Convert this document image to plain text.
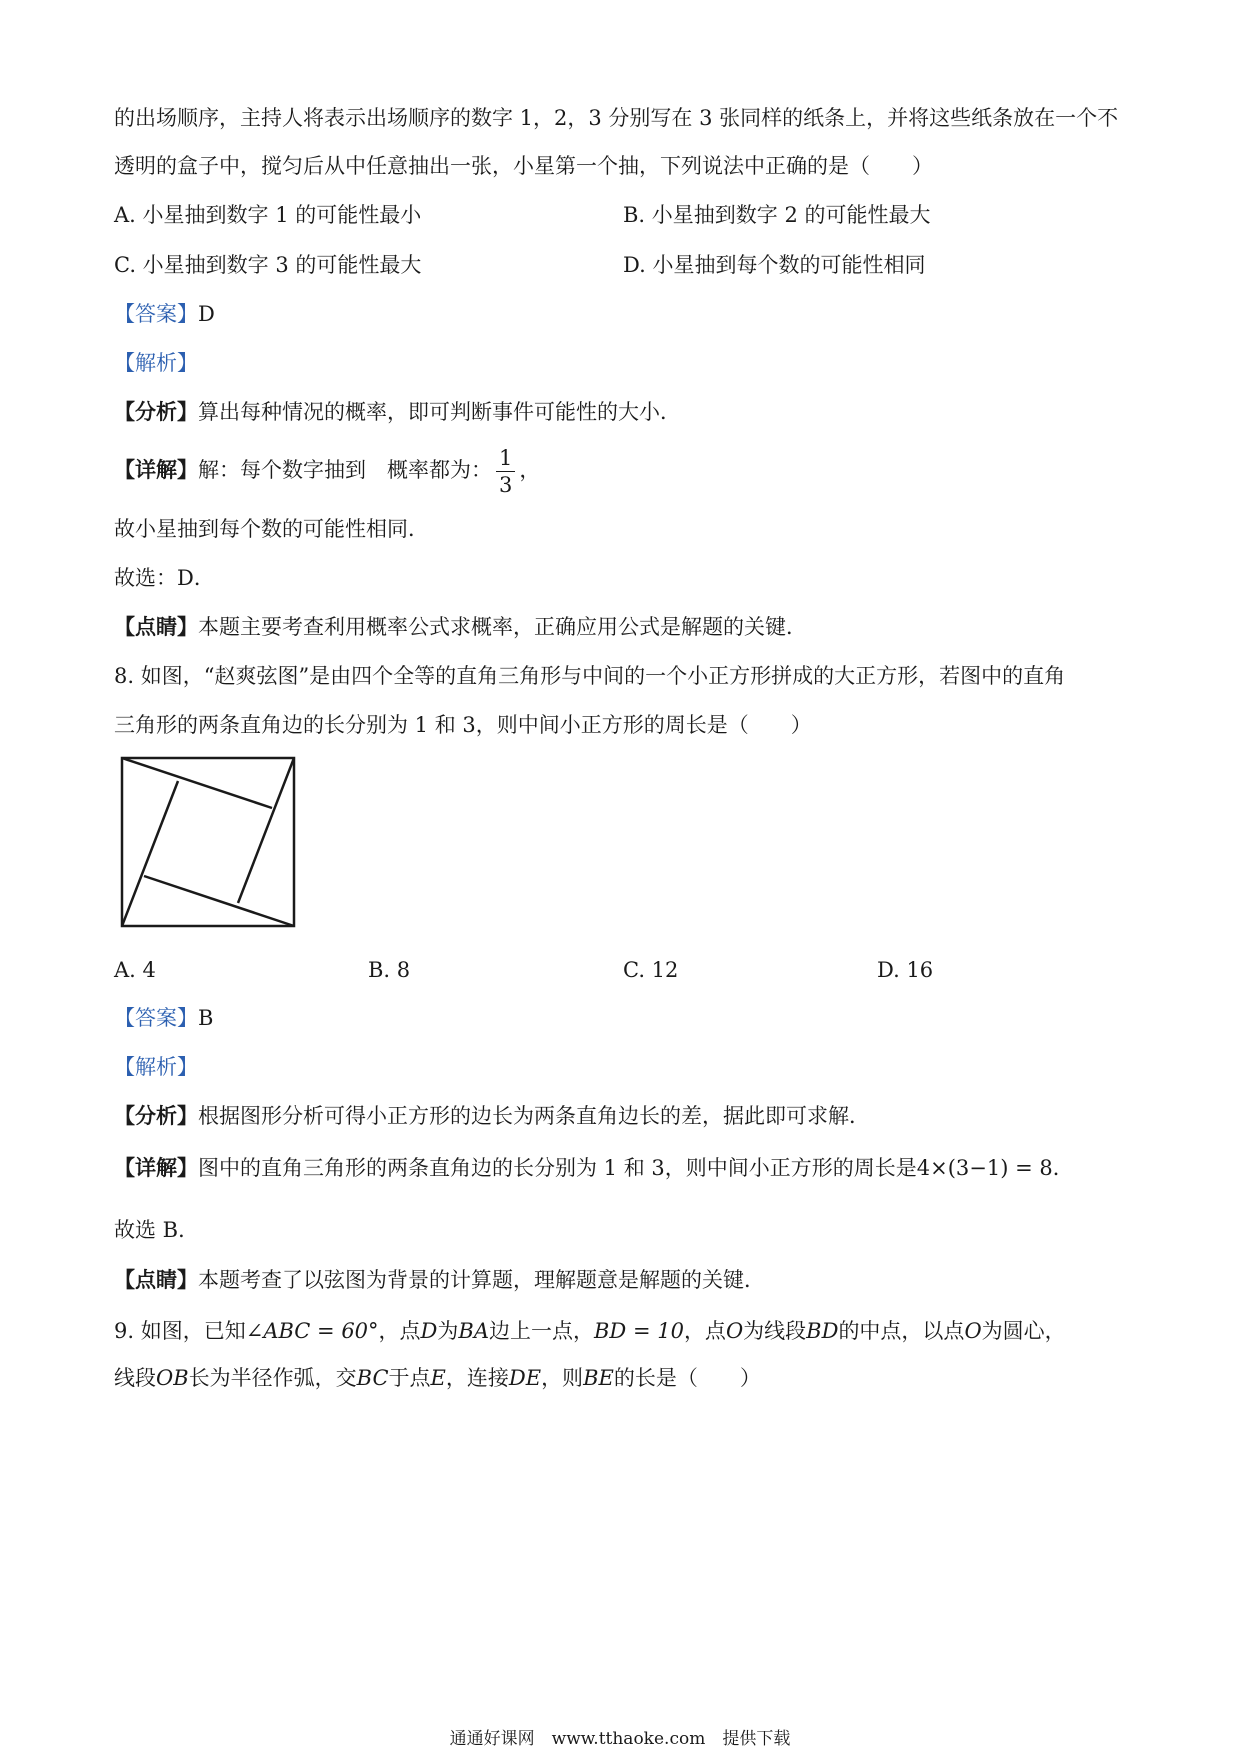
的出场顺序，主持人将表示出场顺序的数字 1，2，3 分别写在 3 张同样的纸条上，并将这些纸条放在一个不
透明的盒子中，搅匀后从中任意抽出一张，小星第一个抽，下列说法中正确的是（　　）
A. 小星抽到数字 1 的可能性最小	B. 小星抽到数字 2 的可能性最大
C. 小星抽到数字 3 的可能性最大	D. 小星抽到每个数的可能性相同
【答案】D
【解析】
【分析】算出每种情况的概率，即可判断事件可能性的大小．
【详解】解：每个数字抽到　概率都为： $\frac{1}{3}$ ，
故小星抽到每个数的可能性相同．
故选：D．
【点睛】本题主要考查利用概率公式求概率，正确应用公式是解题的关键．
8. 如图，“赵爽弦图”是由四个全等的直角三角形与中间的一个小正方形拼成的大正方形，若图中的直角
三角形的两条直角边的长分别为 1 和 3，则中间小正方形的周长是（　　）
A. 4	B. 8	C. 12	D. 16
【答案】B
【解析】
【分析】根据图形分析可得小正方形的边长为两条直角边长的差，据此即可求解．
【详解】图中的直角三角形的两条直角边的长分别为 1 和 3，则中间小正方形的周长是4×(3−1) = 8．
故选 B．
【点睛】本题考查了以弦图为背景的计算题，理解题意是解题的关键．
9. 如图，已知∠ABC = 60°，点D为BA边上一点，BD = 10，点O为线段BD的中点，以点O为圆心，
线段OB长为半径作弧，交BC于点E，连接DE，则BE的长是（　　）
通通好课网　www.tthaoke.com　提供下载
